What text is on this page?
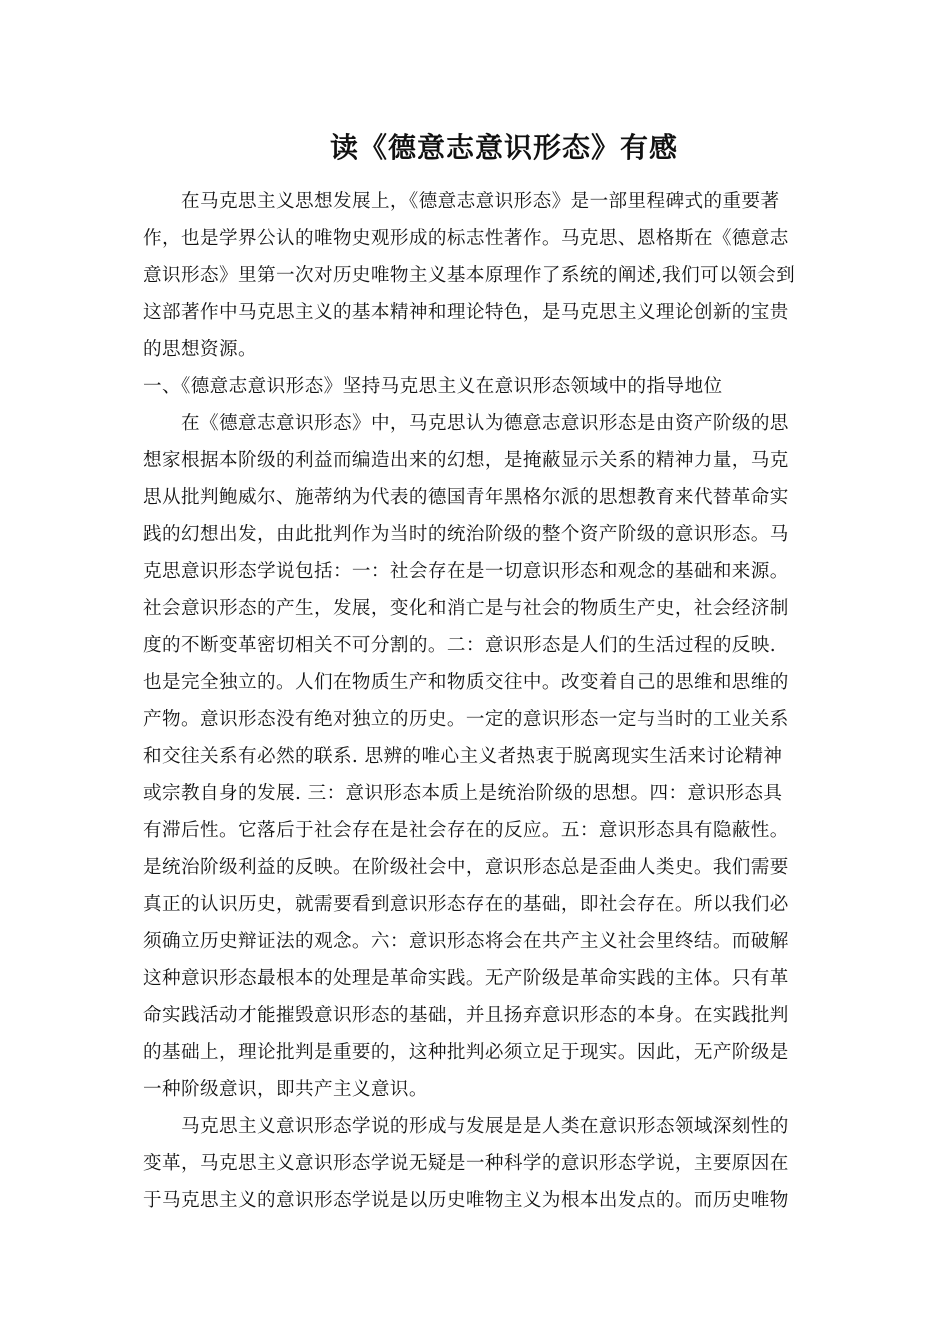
读《德意志意识形态》有感
在马克思主义思想发展上，《德意志意识形态》是一部里程碑式的重要著
作，也是学界公认的唯物史观形成的标志性著作。马克思、恩格斯在《德意志
意识形态》里第一次对历史唯物主义基本原理作了系统的阐述,我们可以领会到
这部著作中马克思主义的基本精神和理论特色，是马克思主义理论创新的宝贵
的思想资源。
一、《德意志意识形态》坚持马克思主义在意识形态领域中的指导地位
在《德意志意识形态》中，马克思认为德意志意识形态是由资产阶级的思
想家根据本阶级的利益而编造出来的幻想，是掩蔽显示关系的精神力量，马克
思从批判鲍威尔、施蒂纳为代表的德国青年黑格尔派的思想教育来代替革命实
践的幻想出发，由此批判作为当时的统治阶级的整个资产阶级的意识形态。马
克思意识形态学说包括：一：社会存在是一切意识形态和观念的基础和来源。
社会意识形态的产生，发展，变化和消亡是与社会的物质生产史，社会经济制
度的不断变革密切相关不可分割的。二：意识形态是人们的生活过程的反映.
也是完全独立的。人们在物质生产和物质交往中。改变着自己的思维和思维的
产物。意识形态没有绝对独立的历史。一定的意识形态一定与当时的工业关系
和交往关系有必然的联系. 思辨的唯心主义者热衷于脱离现实生活来讨论精神
或宗教自身的发展. 三：意识形态本质上是统治阶级的思想。四：意识形态具
有滞后性。它落后于社会存在是社会存在的反应。五：意识形态具有隐蔽性。
是统治阶级利益的反映。在阶级社会中，意识形态总是歪曲人类史。我们需要
真正的认识历史，就需要看到意识形态存在的基础，即社会存在。所以我们必
须确立历史辩证法的观念。六：意识形态将会在共产主义社会里终结。而破解
这种意识形态最根本的处理是革命实践。无产阶级是革命实践的主体。只有革
命实践活动才能摧毁意识形态的基础，并且扬弃意识形态的本身。在实践批判
的基础上，理论批判是重要的，这种批判必须立足于现实。因此，无产阶级是
一种阶级意识，即共产主义意识。
马克思主义意识形态学说的形成与发展是是人类在意识形态领域深刻性的
变革，马克思主义意识形态学说无疑是一种科学的意识形态学说，主要原因在
于马克思主义的意识形态学说是以历史唯物主义为根本出发点的。而历史唯物
